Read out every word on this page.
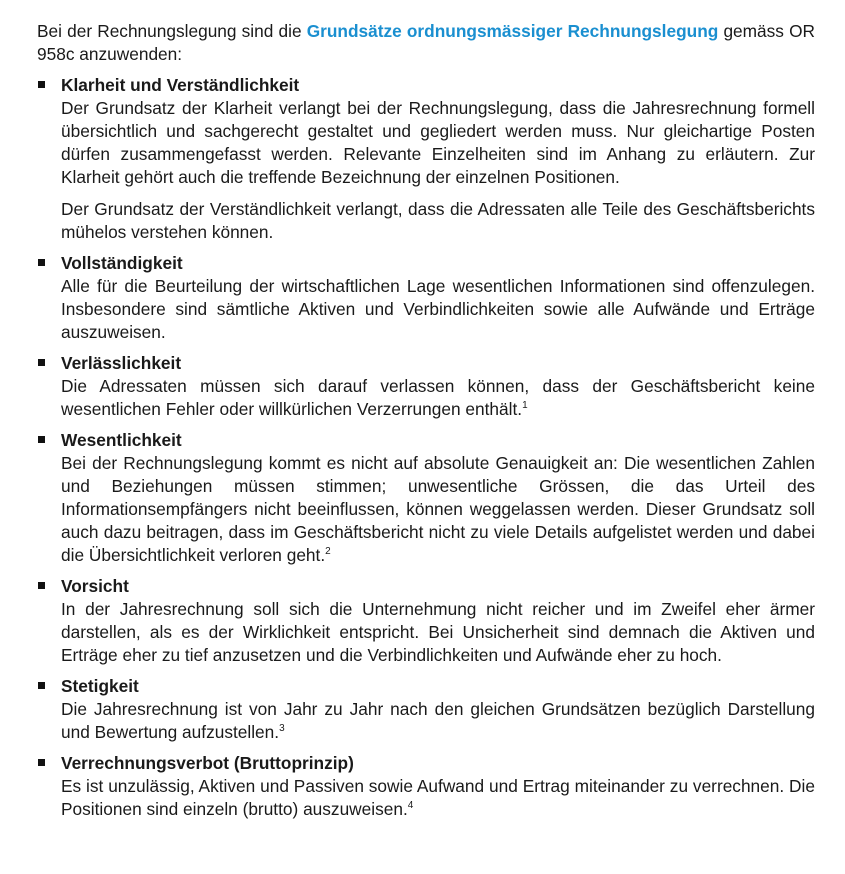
Bei der Rechnungslegung sind die Grundsätze ordnungsmässiger Rechnungslegung gemäss OR 958c anzuwenden:

Klarheit und Verständlichkeit

Der Grundsatz der Klarheit verlangt bei der Rechnungslegung, dass die Jahresrechnung formell übersichtlich und sachgerecht gestaltet und gegliedert werden muss. Nur gleichartige Posten dürfen zusammengefasst werden. Relevante Einzelheiten sind im Anhang zu erläutern. Zur Klarheit gehört auch die treffende Bezeichnung der einzelnen Positionen.

Der Grundsatz der Verständlichkeit verlangt, dass die Adressaten alle Teile des Geschäftsberichts mühelos verstehen können.

Vollständigkeit

Alle für die Beurteilung der wirtschaftlichen Lage wesentlichen Informationen sind offenzulegen. Insbesondere sind sämtliche Aktiven und Verbindlichkeiten sowie alle Aufwände und Erträge auszuweisen.

Verlässlichkeit

Die Adressaten müssen sich darauf verlassen können, dass der Geschäftsbericht keine wesentlichen Fehler oder willkürlichen Verzerrungen enthält.$^1$

Wesentlichkeit

Bei der Rechnungslegung kommt es nicht auf absolute Genauigkeit an: Die wesentlichen Zahlen und Beziehungen müssen stimmen; unwesentliche Grössen, die das Urteil des Informationsempfängers nicht beeinflussen, können weggelassen werden. Dieser Grundsatz soll auch dazu beitragen, dass im Geschäftsbericht nicht zu viele Details aufgelistet werden und dabei die Übersichtlichkeit verloren geht.$^2$

Vorsicht

In der Jahresrechnung soll sich die Unternehmung nicht reicher und im Zweifel eher ärmer darstellen, als es der Wirklichkeit entspricht. Bei Unsicherheit sind demnach die Aktiven und Erträge eher zu tief anzusetzen und die Verbindlichkeiten und Aufwände eher zu hoch.

Stetigkeit

Die Jahresrechnung ist von Jahr zu Jahr nach den gleichen Grundsätzen bezüglich Darstellung und Bewertung aufzustellen.$^3$

Verrechnungsverbot (Bruttoprinzip)

Es ist unzulässig, Aktiven und Passiven sowie Aufwand und Ertrag miteinander zu verrechnen. Die Positionen sind einzeln (brutto) auszuweisen.$^4$
